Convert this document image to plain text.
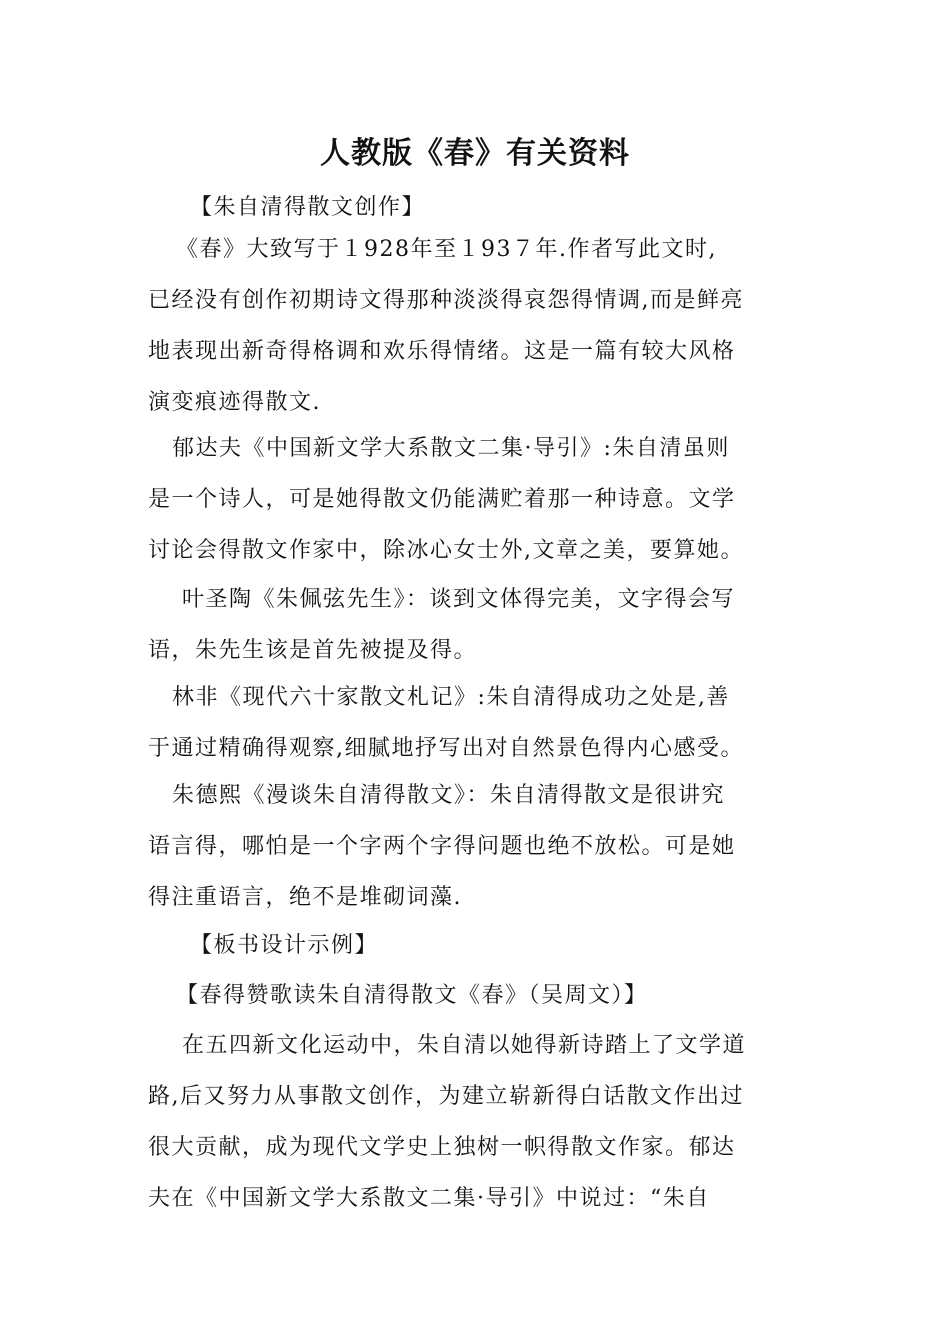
人教版《春》有关资料
【朱自清得散文创作】
《春》大致写于１928年至１93７年.作者写此文时,
已经没有创作初期诗文得那种淡淡得哀怨得情调,而是鲜亮
地表现出新奇得格调和欢乐得情绪。这是一篇有较大风格
演变痕迹得散文.
郁达夫《中国新文学大系散文二集·导引》:朱自清虽则
是一个诗人，可是她得散文仍能满贮着那一种诗意。文学
讨论会得散文作家中，除冰心女士外,文章之美，要算她。
叶圣陶《朱佩弦先生》：谈到文体得完美，文字得会写
语，朱先生该是首先被提及得。
林非《现代六十家散文札记》:朱自清得成功之处是,善
于通过精确得观察,细腻地抒写出对自然景色得内心感受。
朱德熙《漫谈朱自清得散文》：朱自清得散文是很讲究
语言得，哪怕是一个字两个字得问题也绝不放松。可是她
得注重语言，绝不是堆砌词藻.
【板书设计示例】
【春得赞歌读朱自清得散文《春》（吴周文）】
在五四新文化运动中，朱自清以她得新诗踏上了文学道
路,后又努力从事散文创作，为建立崭新得白话散文作出过
很大贡献，成为现代文学史上独树一帜得散文作家。郁达
夫在《中国新文学大系散文二集·导引》中说过：“朱自
